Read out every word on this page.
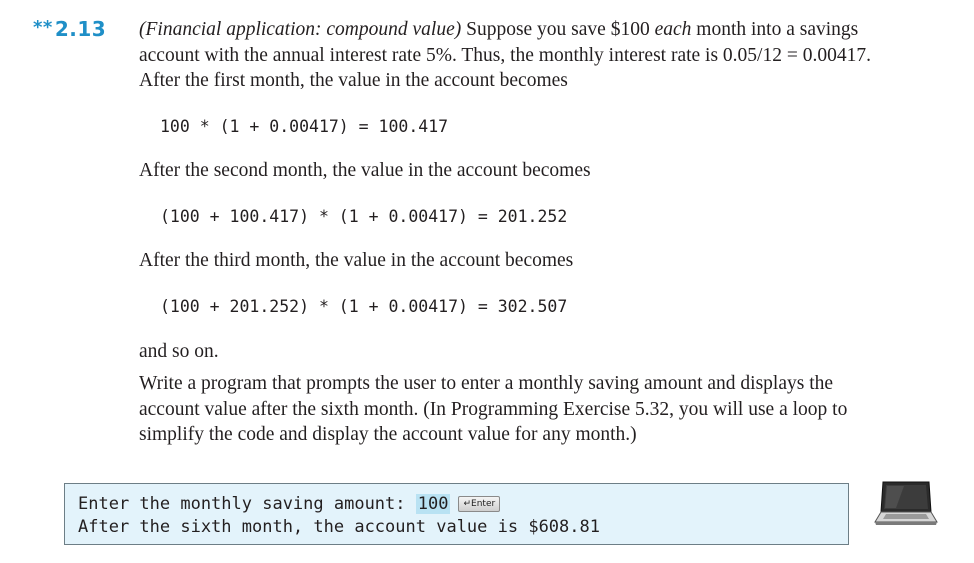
** 2.13 (Financial application: compound value) Suppose you save $100 each month into a savings account with the annual interest rate 5%. Thus, the monthly interest rate is 0.05/12 = 0.00417. After the first month, the value in the account becomes

100 * (1 + 0.00417) = 100.417

After the second month, the value in the account becomes

(100 + 100.417) * (1 + 0.00417) = 201.252

After the third month, the value in the account becomes

(100 + 201.252) * (1 + 0.00417) = 302.507

and so on.

Write a program that prompts the user to enter a monthly saving amount and displays the account value after the sixth month. (In Programming Exercise 5.32, you will use a loop to simplify the code and display the account value for any month.)

Enter the monthly saving amount: 100 ↵Enter
After the sixth month, the account value is $608.81
